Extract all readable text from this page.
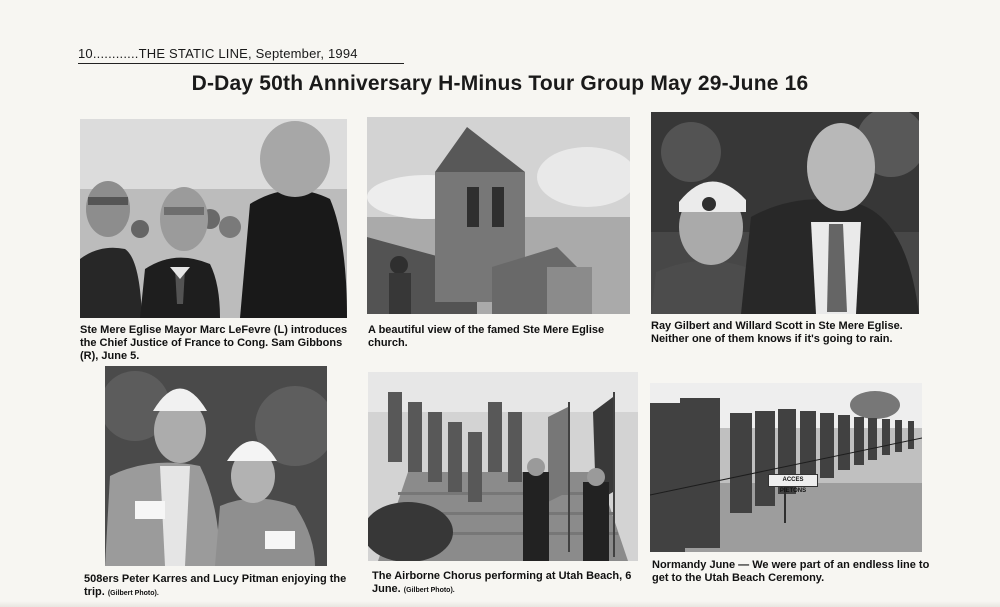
10............THE STATIC LINE, September, 1994
D-Day 50th Anniversary H-Minus Tour Group May 29-June 16
Ste Mere Eglise Mayor Marc LeFevre (L) introduces the Chief Justice of France to Cong. Sam Gibbons (R), June 5.
A beautiful view of the famed Ste Mere Eglise church.
Ray Gilbert and Willard Scott in Ste Mere Eglise. Neither one of them knows if it's going to rain.
508ers Peter Karres and Lucy Pitman enjoying the trip. (Gilbert Photo).
The Airborne Chorus performing at Utah Beach, 6 June. (Gilbert Photo).
ACCES PIETONS
Normandy June — We were part of an endless line to get to the Utah Beach Ceremony.
